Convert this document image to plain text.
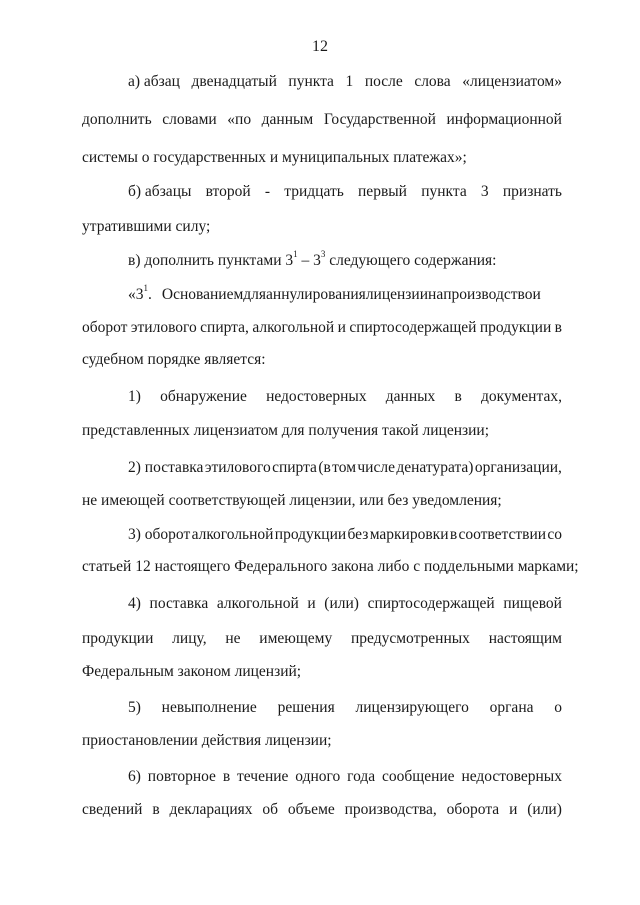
12
а) абзац двенадцатый пункта 1 после слова «лицензиатом»
дополнить словами «по данным Государственной информационной
системы о государственных и муниципальных платежах»;
б) абзацы второй - тридцать первый пункта 3 признать
утратившими силу;
в) дополнить пунктами $3^1 - 3^3$ следующего содержания:
«$3^1$. Основаниемдляаннулированиялицензиинапроизводствои
оборот этилового спирта, алкогольной и спиртосодержащей продукции в
судебном порядке является:
1) обнаружение недостоверных данных в документах,
представленных лицензиатом для получения такой лицензии;
2) поставка этилового спирта (в том числе денатурата) организации,
не имеющей соответствующей лицензии, или без уведомления;
3) оборот алкогольной продукции без маркировки в соответствии со
статьей 12 настоящего Федерального закона либо с поддельными марками;
4) поставка алкогольной и (или) спиртосодержащей пищевой
продукции лицу, не имеющему предусмотренных настоящим
Федеральным законом лицензий;
5) невыполнение решения лицензирующего органа о
приостановлении действия лицензии;
6) повторное в течение одного года сообщение недостоверных
сведений в декларациях об объеме производства, оборота и (или)
